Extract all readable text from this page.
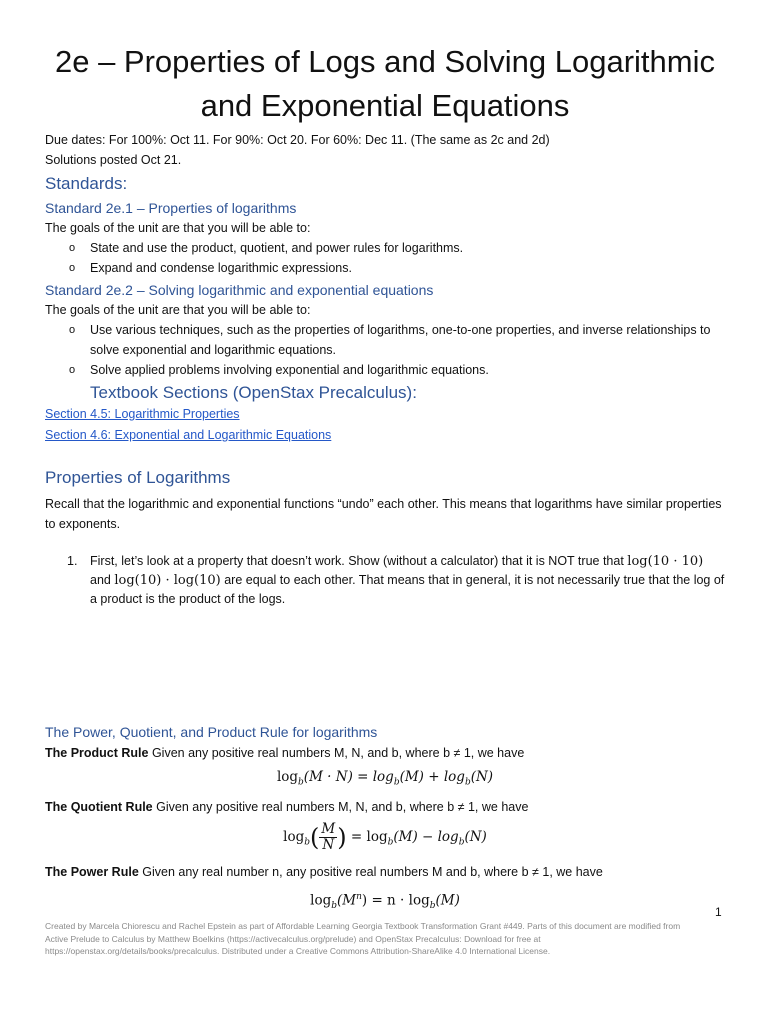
2e – Properties of Logs and Solving Logarithmic and Exponential Equations

Due dates: For 100%: Oct 11. For 90%: Oct 20. For 60%: Dec 11. (The same as 2c and 2d)

Solutions posted Oct 21.

Standards:
Standard 2e.1 – Properties of logarithms

The goals of the unit are that you will be able to:

o State and use the product, quotient, and power rules for logarithms.
o Expand and condense logarithmic expressions.
Standard 2e.2 – Solving logarithmic and exponential equations

The goals of the unit are that you will be able to:

o Use various techniques, such as the properties of logarithms, one-to-one properties, and inverse relationships to solve exponential and logarithmic equations.
o Solve applied problems involving exponential and logarithmic equations.
Textbook Sections (OpenStax Precalculus):
Section 4.5: Logarithmic Properties
Section 4.6: Exponential and Logarithmic Equations
Properties of Logarithms

Recall that the logarithmic and exponential functions “undo” each other. This means that logarithms have similar properties to exponents.

1. First, let’s look at a property that doesn’t work. Show (without a calculator) that it is NOT true that log(10 · 10) and log(10) · log(10) are equal to each other. That means that in general, it is not necessarily true that the log of a product is the product of the logs.
The Power, Quotient, and Product Rule for logarithms

The Product Rule Given any positive real numbers M, N, and b, where b ≠ 1, we have

$\log_b(M \cdot N) = \log_b(M) + \log_b(N)$

The Quotient Rule Given any positive real numbers M, N, and b, where b ≠ 1, we have

$\log_b( \frac{M}{N}$ ) = $\log_b(M) - \log_b(N)$

The Power Rule Given any real number n, any positive real numbers M and b, where b ≠ 1, we have

$\log_b(M^n) = n \cdot \log_b(M)$

1
Created by Marcela Chioresсu and Rachel Epstein as part of Affordable Learning Georgia Textbook Transformation Grant #449. Parts of this document are modified from Active Prelude to Calculus by Matthew Boelkins (https://activecalculus.org/prelude) and OpenStax Precalculus: Download for free at https://openstax.org/details/books/precalculus. Distributed under a Creative Commons Attribution-ShareAlike 4.0 International License.
